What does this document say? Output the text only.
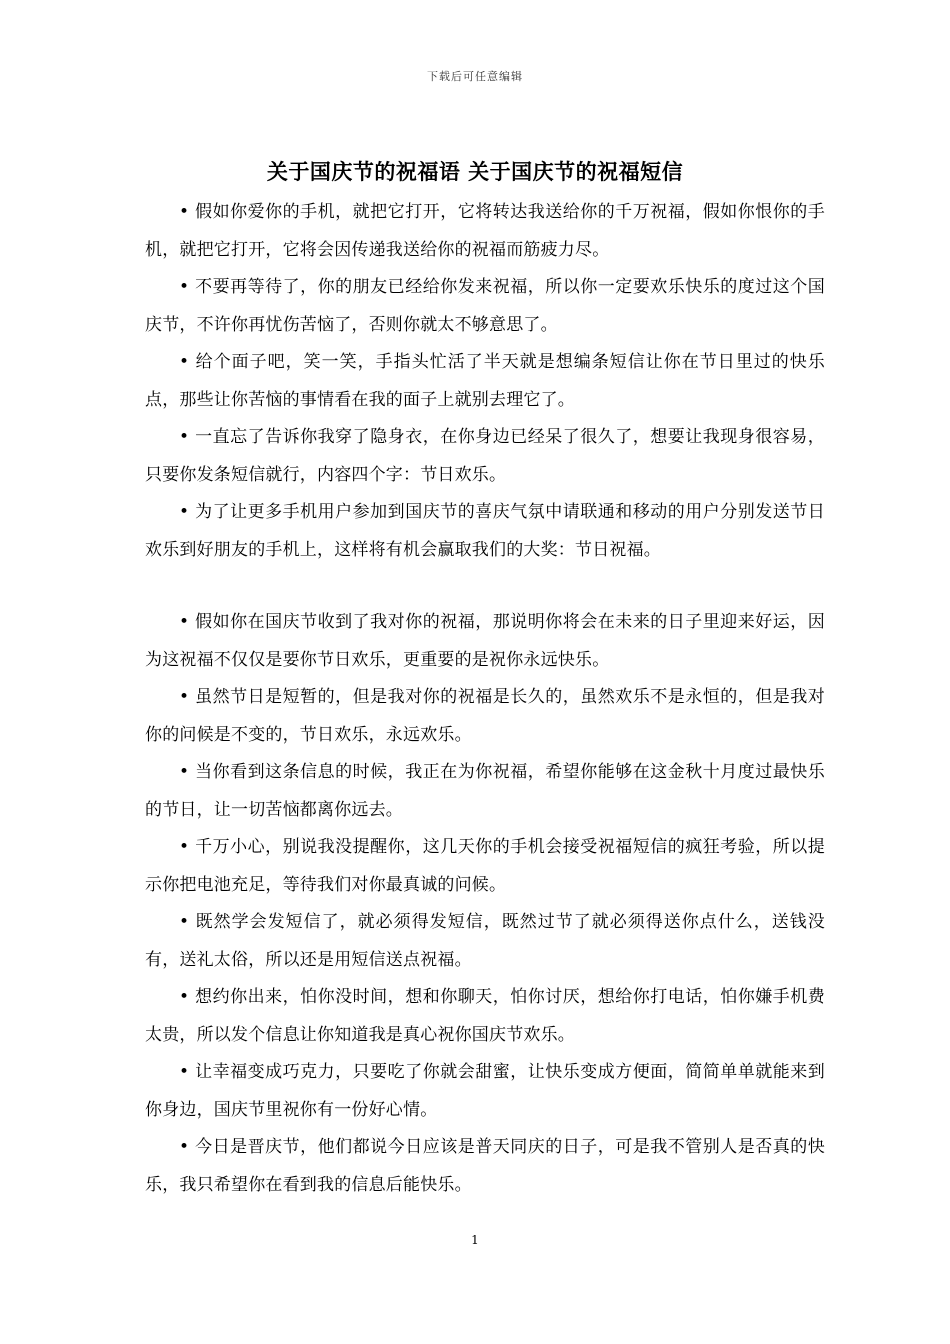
下载后可任意编辑
关于国庆节的祝福语 关于国庆节的祝福短信

• 假如你爱你的手机，就把它打开，它将转达我送给你的千万祝福，假如你恨你的手机，就把它打开，它将会因传递我送给你的祝福而筋疲力尽。

• 不要再等待了，你的朋友已经给你发来祝福，所以你一定要欢乐快乐的度过这个国庆节，不许你再忧伤苦恼了，否则你就太不够意思了。

• 给个面子吧，笑一笑，手指头忙活了半天就是想编条短信让你在节日里过的快乐点，那些让你苦恼的事情看在我的面子上就别去理它了。

• 一直忘了告诉你我穿了隐身衣，在你身边已经呆了很久了，想要让我现身很容易，只要你发条短信就行，内容四个字：节日欢乐。

• 为了让更多手机用户参加到国庆节的喜庆气氛中请联通和移动的用户分别发送节日欢乐到好朋友的手机上，这样将有机会赢取我们的大奖：节日祝福。

• 假如你在国庆节收到了我对你的祝福，那说明你将会在未来的日子里迎来好运，因为这祝福不仅仅是要你节日欢乐，更重要的是祝你永远快乐。

• 虽然节日是短暂的，但是我对你的祝福是长久的，虽然欢乐不是永恒的，但是我对你的问候是不变的，节日欢乐，永远欢乐。

• 当你看到这条信息的时候，我正在为你祝福，希望你能够在这金秋十月度过最快乐的节日，让一切苦恼都离你远去。

• 千万小心，别说我没提醒你，这几天你的手机会接受祝福短信的疯狂考验，所以提示你把电池充足，等待我们对你最真诚的问候。

• 既然学会发短信了，就必须得发短信，既然过节了就必须得送你点什么，送钱没有，送礼太俗，所以还是用短信送点祝福。

• 想约你出来，怕你没时间，想和你聊天，怕你讨厌，想给你打电话，怕你嫌手机费太贵，所以发个信息让你知道我是真心祝你国庆节欢乐。

• 让幸福变成巧克力，只要吃了你就会甜蜜，让快乐变成方便面，简简单单就能来到你身边，国庆节里祝你有一份好心情。

• 今日是晋庆节，他们都说今日应该是普天同庆的日子，可是我不管别人是否真的快乐，我只希望你在看到我的信息后能快乐。

1
